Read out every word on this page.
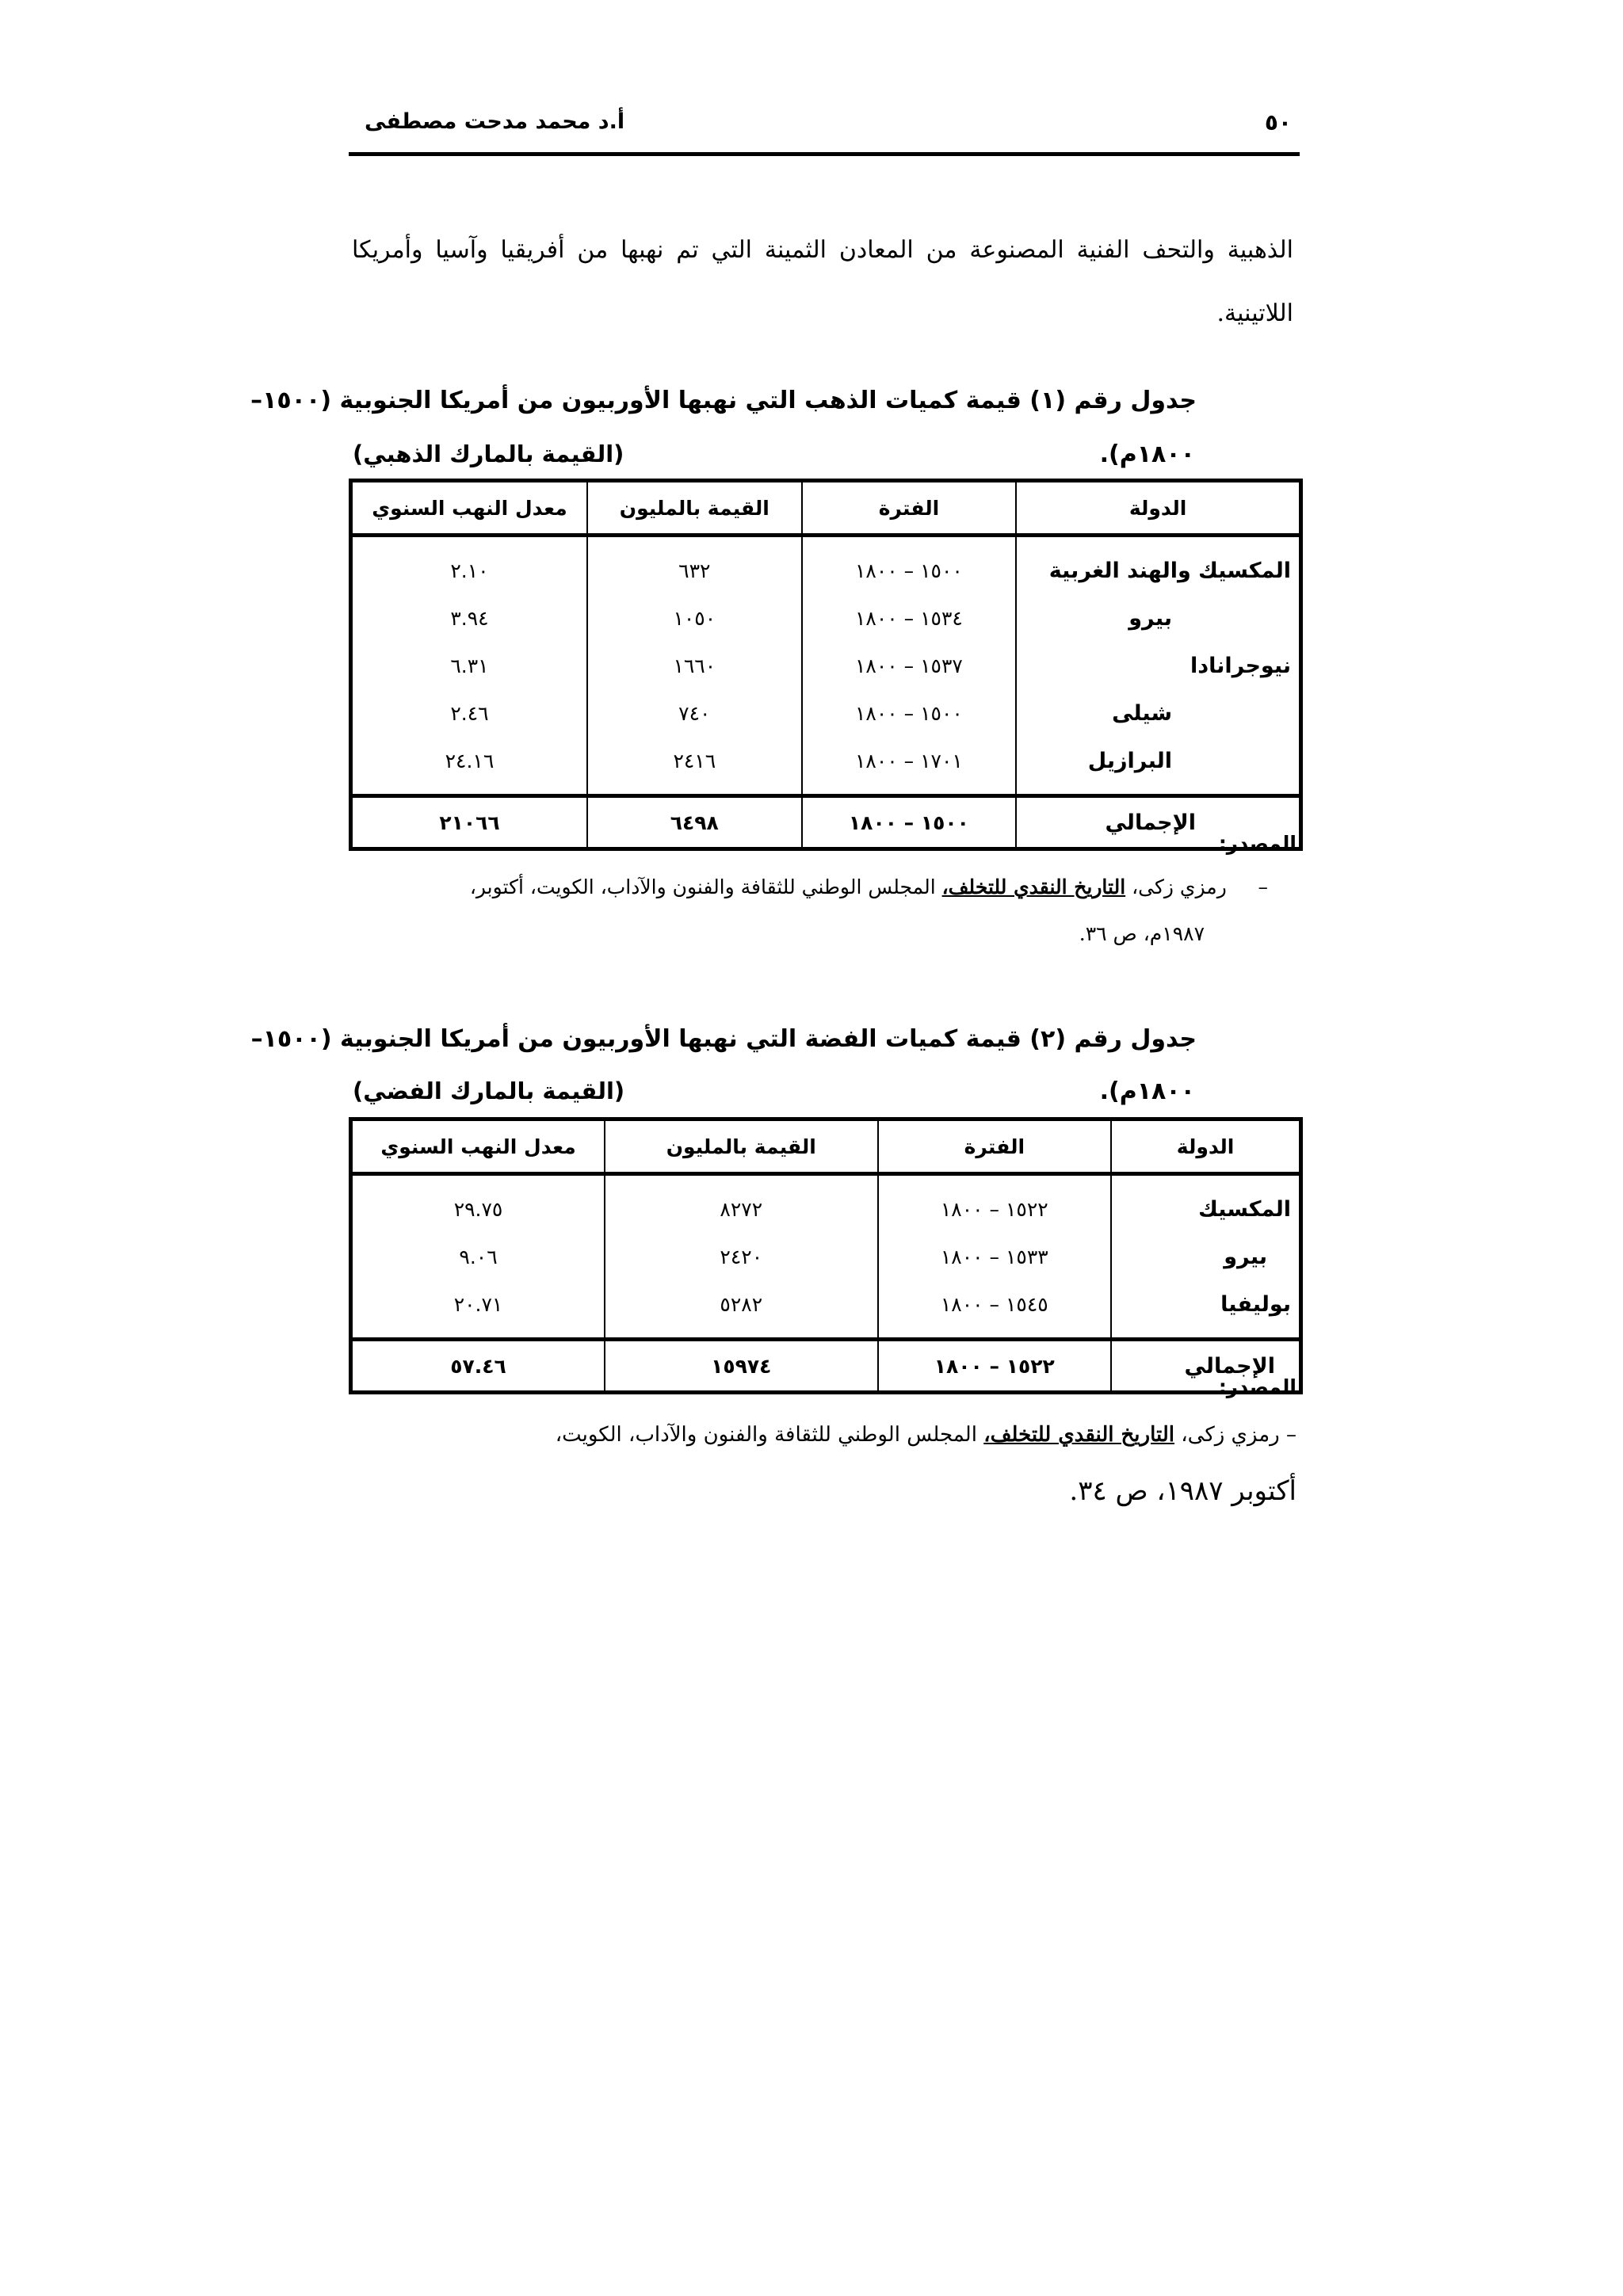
٥٠
أ.د محمد مدحت مصطفى
الذهبية والتحف الفنية المصنوعة من المعادن الثمينة التي تم نهبها من أفريقيا وآسيا وأمريكا اللاتينية.
جدول رقم (١) قيمة كميات الذهب التي نهبها الأوربيون من أمريكا الجنوبية (١٥٠٠–
١٨٠٠م).
(القيمة بالمارك الذهبي)
الدولة	الفترة	القيمة بالمليون	معدل النهب السنوي
المكسيك والهند الغربية	١٥٠٠ – ١٨٠٠	٦٣٢	٢.١٠
بيرو	١٥٣٤ – ١٨٠٠	١٠٥٠	٣.٩٤
نيوجرانادا	١٥٣٧ – ١٨٠٠	١٦٦٠	٦.٣١
شيلى	١٥٠٠ – ١٨٠٠	٧٤٠	٢.٤٦
البرازيل	١٧٠١ – ١٨٠٠	٢٤١٦	٢٤.١٦
الإجمالي	١٥٠٠ – ١٨٠٠	٦٤٩٨	٢١٠٦٦
المصدر:
–     رمزي زكى، التاريخ النقدي للتخلف، المجلس الوطني للثقافة والفنون والآداب، الكويت، أكتوبر،
١٩٨٧م، ص ٣٦.
جدول رقم (٢) قيمة كميات الفضة التي نهبها الأوربيون من أمريكا الجنوبية (١٥٠٠–
١٨٠٠م).
(القيمة بالمارك الفضي)
الدولة	الفترة	القيمة بالمليون	معدل النهب السنوي
المكسيك	١٥٢٢ – ١٨٠٠	٨٢٧٢	٢٩.٧٥
بيرو	١٥٣٣ – ١٨٠٠	٢٤٢٠	٩.٠٦
بوليفيا	١٥٤٥ – ١٨٠٠	٥٢٨٢	٢٠.٧١
الإجمالي	١٥٢٢ – ١٨٠٠	١٥٩٧٤	٥٧.٤٦
المصدر:
– رمزي زكى، التاريخ النقدي للتخلف، المجلس الوطني للثقافة والفنون والآداب، الكويت،
أكتوبر ١٩٨٧، ص ٣٤.
